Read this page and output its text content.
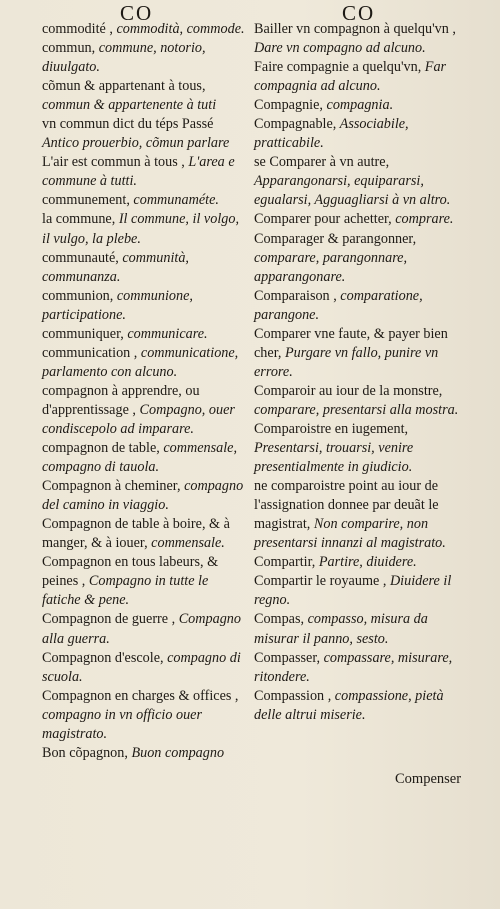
CO	CO
commodité , commodità, commode.
commun, commune, notorio, diuulgato.
cõmun & appartenant à tous, commun & appartenente à tuti
vn commun dict du téps Passé Antico prouerbio, cõmun parlare
L'air est commun à tous , L'area e commune à tutti.
communement, communaméte.
la commune, Il commune, il volgo, il vulgo, la plebe.
communauté, communità, communanza.
communion, communione, participatione.
communiquer, communicare.
communication , communicatione, parlamento con alcuno.
compagnon à apprendre, ou d'apprentissage , Compagno, ouer condiscepolo ad imparare.
compagnon de table, commensale, compagno di tauola.
Compagnon à cheminer, compagno del camino in viaggio.
Compagnon de table à boire, & à manger, & à iouer, commensale.
Compagnon en tous labeurs, & peines , Compagno in tutte le fatiche & pene.
Compagnon de guerre , Compagno alla guerra.
Compagnon d'escole, compagno di scuola.
Compagnon en charges & offices , compagno in vn officio ouer magistrato.
Bon cõpagnon, Buon compagno
Bailler vn compagnon à quelqu'vn , Dare vn compagno ad alcuno.
Faire compagnie a quelqu'vn, Far compagnia ad alcuno.
Compagnie, compagnia.
Compagnable, Associabile, pratticabile.
se Comparer à vn autre, Apparangonarsi, equipararsi, egualarsi, Agguagliarsi à vn altro.
Comparer pour achetter, comprare.
Comparager & parangonner, comparare, parangonnare, apparangonare.
Comparaison , comparatione, parangone.
Comparer vne faute, & payer bien cher, Purgare vn fallo, punire vn errore.
Comparoir au iour de la monstre, comparare, presentarsi alla mostra.
Comparoistre en iugement, Presentarsi, trouarsi, venire presentialmente in giudicio.
ne comparoistre point au iour de l'assignation donnee par deuãt le magistrat, Non comparire, non presentarsi innanzi al magistrato.
Compartir, Partire, diuidere.
Compartir le royaume , Diuidere il regno.
Compas, compasso, misura da misurar il panno, sesto.
Compasser, compassare, misurare, ritondere.
Compassion , compassione, pietà delle altrui miserie.
Compenser
